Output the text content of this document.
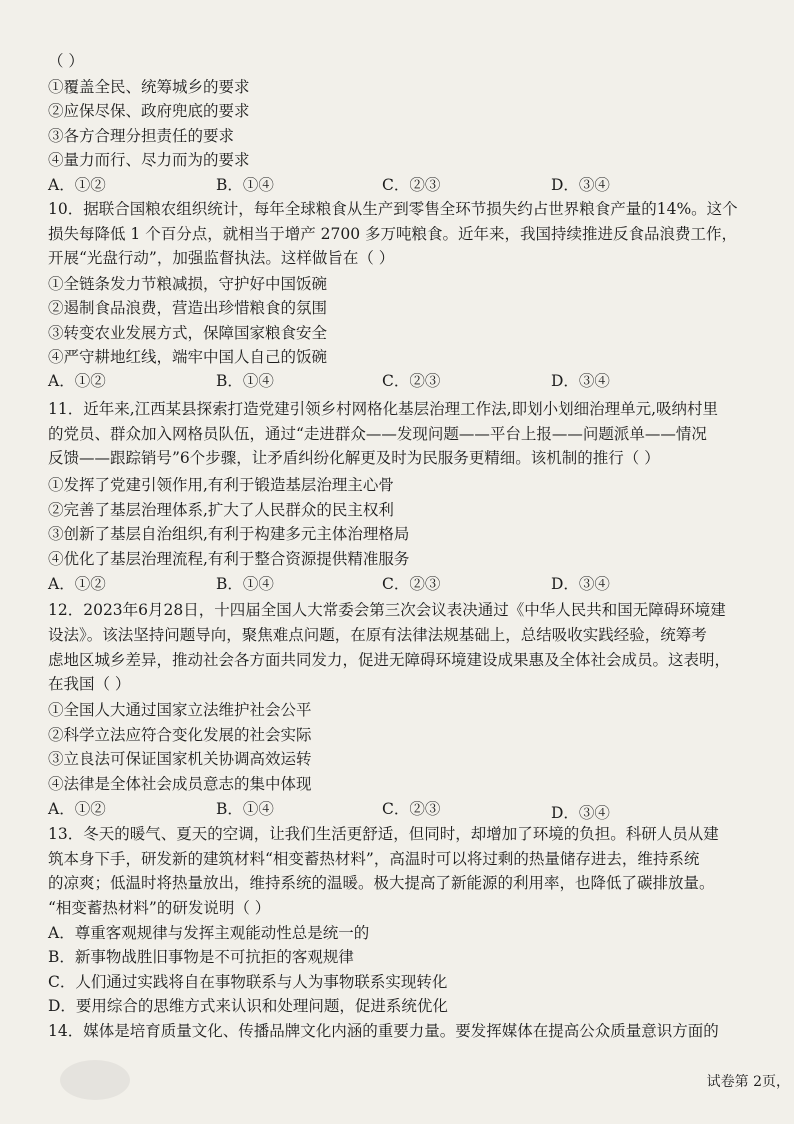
（ ）
①覆盖全民、统筹城乡的要求
②应保尽保、政府兜底的要求
③各方合理分担责任的要求
④量力而行、尽力而为的要求
A．①②	B．①④	C．②③	D．③④
10．据联合国粮农组织统计，每年全球粮食从生产到零售全环节损失约占世界粮食产量的14%。这个
损失每降低 1 个百分点，就相当于增产 2700 多万吨粮食。近年来，我国持续推进反食品浪费工作，
开展“光盘行动”，加强监督执法。这样做旨在（ ）
①全链条发力节粮减损，守护好中国饭碗
②遏制食品浪费，营造出珍惜粮食的氛围
③转变农业发展方式，保障国家粮食安全
④严守耕地红线，端牢中国人自己的饭碗
A．①②	B．①④	C．②③	D．③④
11．近年来,江西某县探索打造党建引领乡村网格化基层治理工作法,即划小划细治理单元,吸纳村里
的党员、群众加入网格员队伍，通过“走进群众——发现问题——平台上报——问题派单——情况
反馈——跟踪销号”6个步骤，让矛盾纠纷化解更及时为民服务更精细。该机制的推行（ ）
①发挥了党建引领作用,有利于锻造基层治理主心骨
②完善了基层治理体系,扩大了人民群众的民主权利
③创新了基层自治组织,有利于构建多元主体治理格局
④优化了基层治理流程,有利于整合资源提供精准服务
A．①②	B．①④	C．②③	D．③④
12．2023年6月28日，十四届全国人大常委会第三次会议表决通过《中华人民共和国无障碍环境建
设法》。该法坚持问题导向，聚焦难点问题，在原有法律法规基础上，总结吸收实践经验，统筹考
虑地区城乡差异，推动社会各方面共同发力，促进无障碍环境建设成果惠及全体社会成员。这表明，
在我国（ ）
①全国人大通过国家立法维护社会公平
②科学立法应符合变化发展的社会实际
③立良法可保证国家机关协调高效运转
④法律是全体社会成员意志的集中体现
A．①②	B．①④	C．②③	D．③④
13．冬天的暖气、夏天的空调，让我们生活更舒适，但同时，却增加了环境的负担。科研人员从建
筑本身下手，研发新的建筑材料“相变蓄热材料”，高温时可以将过剩的热量储存进去，维持系统
的凉爽；低温时将热量放出，维持系统的温暖。极大提高了新能源的利用率，也降低了碳排放量。
“相变蓄热材料”的研发说明（ ）
A．尊重客观规律与发挥主观能动性总是统一的
B．新事物战胜旧事物是不可抗拒的客观规律
C．人们通过实践将自在事物联系与人为事物联系实现转化
D．要用综合的思维方式来认识和处理问题，促进系统优化
14．媒体是培育质量文化、传播品牌文化内涵的重要力量。要发挥媒体在提高公众质量意识方面的
试卷第 2页，
